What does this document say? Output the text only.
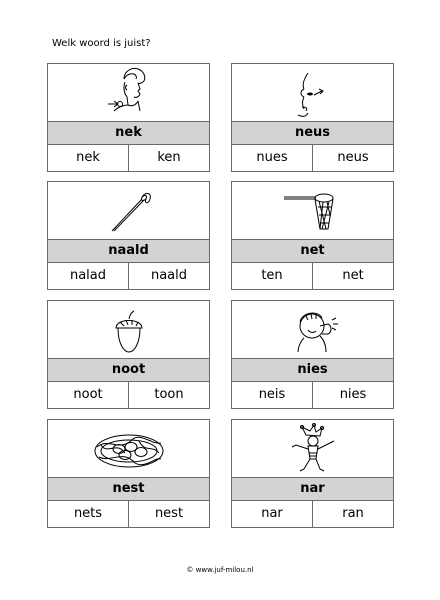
Welk woord is juist?
nek
nek	ken
neus
nues	neus
naald
nalad	naald
net
ten	net
noot
noot	toon
nies
neis	nies
nest
nets	nest
nar
nar	ran
© www.juf-milou.nl
